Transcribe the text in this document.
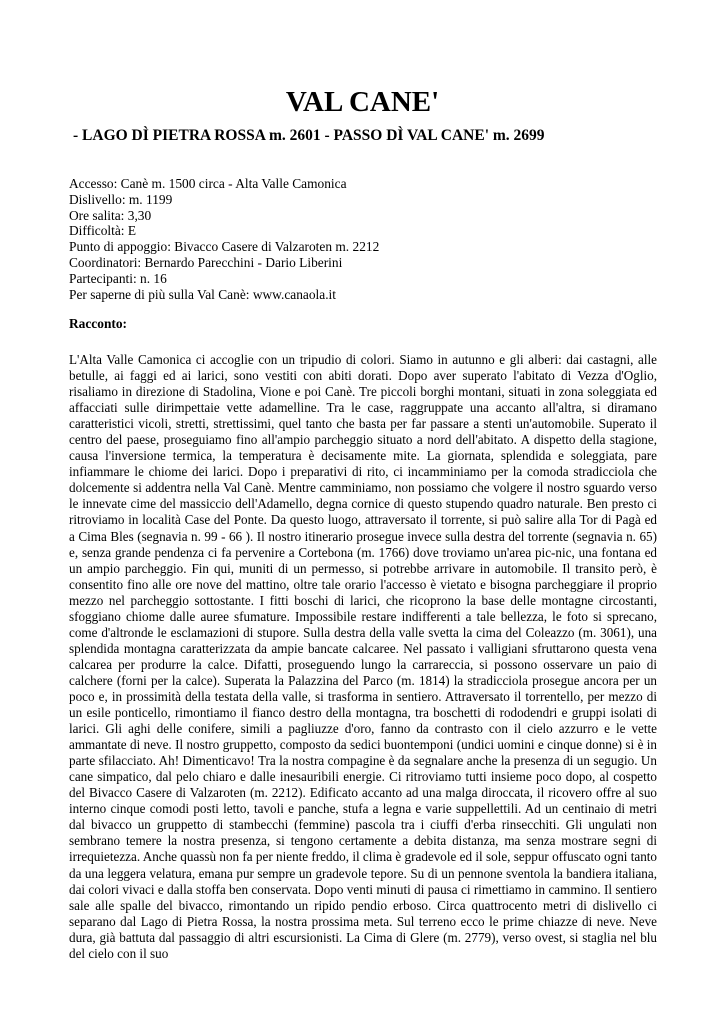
VAL CANE'
- LAGO DÌ PIETRA ROSSA m. 2601 - PASSO DÌ VAL CANE' m. 2699
Accesso: Canè m. 1500 circa - Alta Valle Camonica
Dislivello: m. 1199
Ore salita: 3,30
Difficoltà: E
Punto di appoggio: Bivacco Casere di Valzaroten m. 2212
Coordinatori: Bernardo Parecchini - Dario Liberini
Partecipanti: n. 16
Per saperne di più sulla Val Canè: www.canaola.it
Racconto:

L'Alta Valle Camonica ci accoglie con un tripudio di colori. Siamo in autunno e gli alberi: dai castagni, alle betulle, ai faggi ed ai larici, sono vestiti con abiti dorati. Dopo aver superato l'abitato di Vezza d'Oglio, risaliamo in direzione di Stadolina, Vione e poi Canè. Tre piccoli borghi montani, situati in zona soleggiata ed affacciati sulle dirimpettaie vette adamelline. Tra le case, raggruppate una accanto all'altra, si diramano caratteristici vicoli, stretti, strettissimi, quel tanto che basta per far passare a stenti un'automobile. Superato il centro del paese, proseguiamo fino all'ampio parcheggio situato a nord dell'abitato. A dispetto della stagione, causa l'inversione termica, la temperatura è decisamente mite. La giornata, splendida e soleggiata, pare infiammare le chiome dei larici. Dopo i preparativi di rito, ci incamminiamo per la comoda stradicciola che dolcemente si addentra nella Val Canè. Mentre camminiamo, non possiamo che volgere il nostro sguardo verso le innevate cime del massiccio dell'Adamello, degna cornice di questo stupendo quadro naturale. Ben presto ci ritroviamo in località Case del Ponte. Da questo luogo, attraversato il torrente, si può salire alla Tor di Pagà ed a Cima Bles (segnavia n. 99 - 66 ). Il nostro itinerario prosegue invece sulla destra del torrente (segnavia n. 65) e, senza grande pendenza ci fa pervenire a Cortebona (m. 1766) dove troviamo un'area pic-nic, una fontana ed un ampio parcheggio. Fin qui, muniti di un permesso, si potrebbe arrivare in automobile. Il transito però, è consentito fino alle ore nove del mattino, oltre tale orario l'accesso è vietato e bisogna parcheggiare il proprio mezzo nel parcheggio sottostante. I fitti boschi di larici, che ricoprono la base delle montagne circostanti, sfoggiano chiome dalle auree sfumature. Impossibile restare indifferenti a tale bellezza, le foto si sprecano, come d'altronde le esclamazioni di stupore. Sulla destra della valle svetta la cima del Coleazzo (m. 3061), una splendida montagna caratterizzata da ampie bancate calcaree. Nel passato i valligiani sfruttarono questa vena calcarea per produrre la calce. Difatti, proseguendo lungo la carrareccia, si possono osservare un paio di calchere (forni per la calce). Superata la Palazzina del Parco (m. 1814) la stradicciola prosegue ancora per un poco e, in prossimità della testata della valle, si trasforma in sentiero. Attraversato il torrentello, per mezzo di un esile ponticello, rimontiamo il fianco destro della montagna, tra boschetti di rododendri e gruppi isolati di larici. Gli aghi delle conifere, simili a pagliuzze d'oro, fanno da contrasto con il cielo azzurro e le vette ammantate di neve. Il nostro gruppetto, composto da sedici buontemponi (undici uomini e cinque donne) si è in parte sfilacciato. Ah! Dimenticavo! Tra la nostra compagine è da segnalare anche la presenza di un segugio. Un cane simpatico, dal pelo chiaro e dalle inesauribili energie. Ci ritroviamo tutti insieme poco dopo, al cospetto del Bivacco Casere di Valzaroten (m. 2212). Edificato accanto ad una malga diroccata, il ricovero offre al suo interno cinque comodi posti letto, tavoli e panche, stufa a legna e varie suppellettili. Ad un centinaio di metri dal bivacco un gruppetto di stambecchi (femmine) pascola tra i ciuffi d'erba rinsecchiti. Gli ungulati non sembrano temere la nostra presenza, si tengono certamente a debita distanza, ma senza mostrare segni di irrequietezza. Anche quassù non fa per niente freddo, il clima è gradevole ed il sole, seppur offuscato ogni tanto da una leggera velatura, emana pur sempre un gradevole tepore. Su di un pennone sventola la bandiera italiana, dai colori vivaci e dalla stoffa ben conservata. Dopo venti minuti di pausa ci rimettiamo in cammino. Il sentiero sale alle spalle del bivacco, rimontando un ripido pendio erboso. Circa quattrocento metri di dislivello ci separano dal Lago di Pietra Rossa, la nostra prossima meta. Sul terreno ecco le prime chiazze di neve. Neve dura, già battuta dal passaggio di altri escursionisti. La Cima di Glere (m. 2779), verso ovest, si staglia nel blu del cielo con il suo
